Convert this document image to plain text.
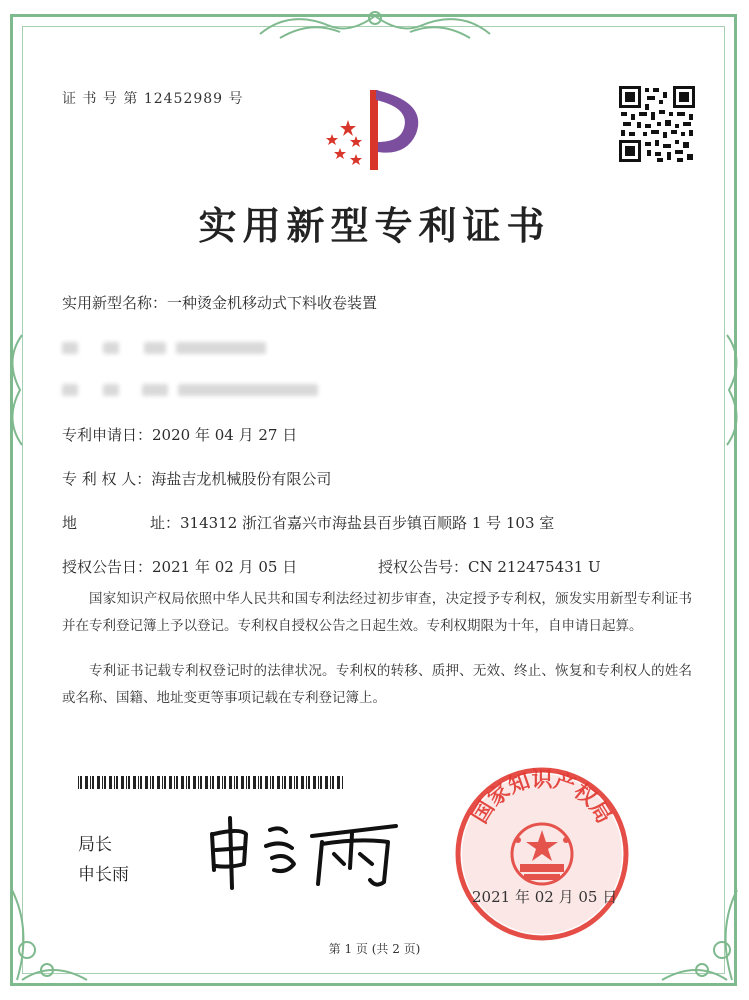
证 书 号 第 12452989 号
实用新型专利证书
实用新型名称：一种烫金机移动式下料收卷装置

专利申请日：2020 年 04 月 27 日
专 利 权 人：海盐吉龙机械股份有限公司
地	址：314312 浙江省嘉兴市海盐县百步镇百顺路 1 号 103 室
授权公告日：2021 年 02 月 05 日	授权公告号：CN 212475431 U
国家知识产权局依照中华人民共和国专利法经过初步审查，决定授予专利权，颁发实用新型专利证书并在专利登记簿上予以登记。专利权自授权公告之日起生效。专利权期限为十年，自申请日起算。
专利证书记载专利权登记时的法律状况。专利权的转移、质押、无效、终止、恢复和专利权人的姓名或名称、国籍、地址变更等事项记载在专利登记簿上。
局长
申长雨
国家知识产权局
2021 年 02 月 05 日
第 1 页 (共 2 页)
